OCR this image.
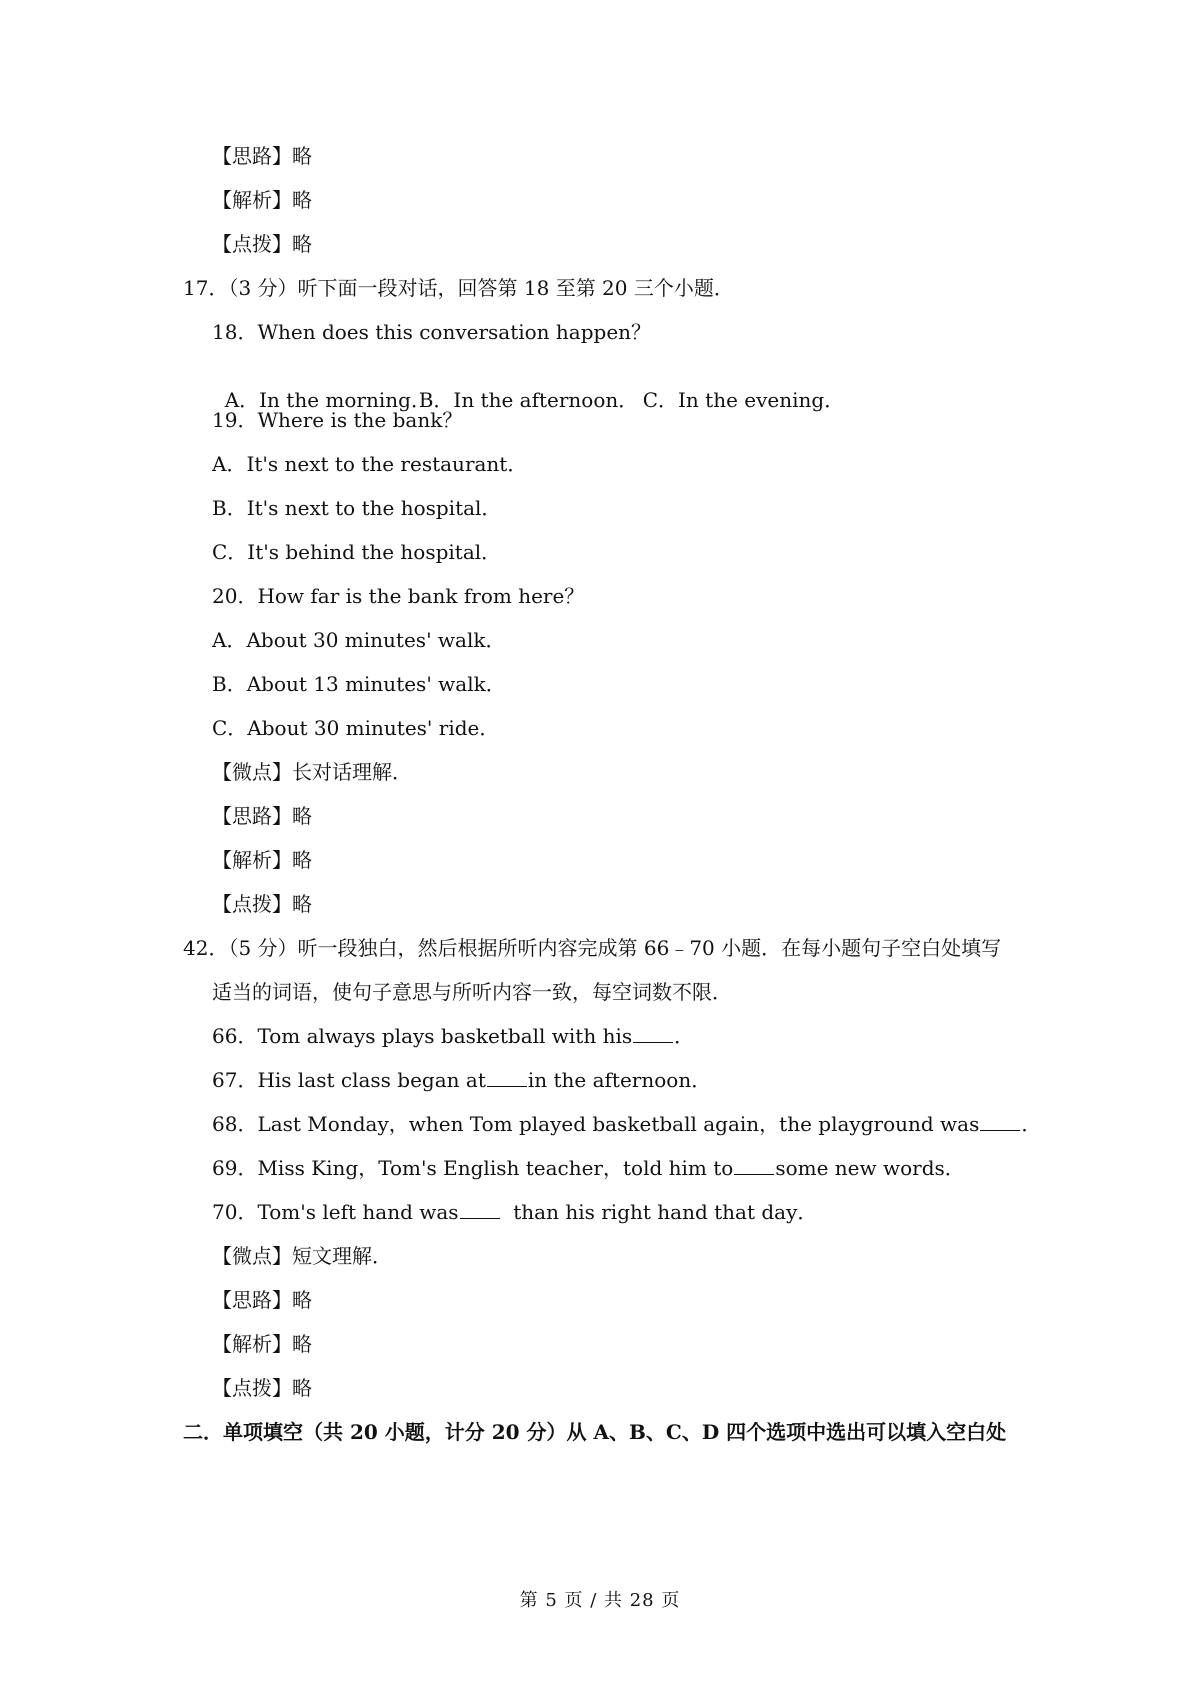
【思路】略
【解析】略
【点拨】略
17．（3 分）听下面一段对话，回答第 18 至第 20 三个小题．
18．When does this conversation happen？

A．In the morning．B．In the afternoon． C．In the evening．

19．Where is the bank？
A．It's next to the restaurant．
B．It's next to the hospital．
C．It's behind the hospital．
20．How far is the bank from here？
A．About 30 minutes' walk．
B．About 13 minutes' walk．
C．About 30 minutes' ride．
【微点】长对话理解．
【思路】略
【解析】略
【点拨】略
42．（5 分）听一段独白，然后根据所听内容完成第 66﹣70 小题．在每小题句子空白处填写
适当的词语，使句子意思与所听内容一致，每空词数不限．
66．Tom always plays basketball with his ．
67．His last class began at in the afternoon．
68．Last Monday，when Tom played basketball again，the playground was ．
69．Miss King，Tom's English teacher，told him to some new words．
70．Tom's left hand was  than his right hand that day．
【微点】短文理解．
【思路】略
【解析】略
【点拨】略
二．单项填空（共 20 小题，计分 20 分）从 A、B、C、D 四个选项中选出可以填入空白处
第 5 页 / 共 28 页
